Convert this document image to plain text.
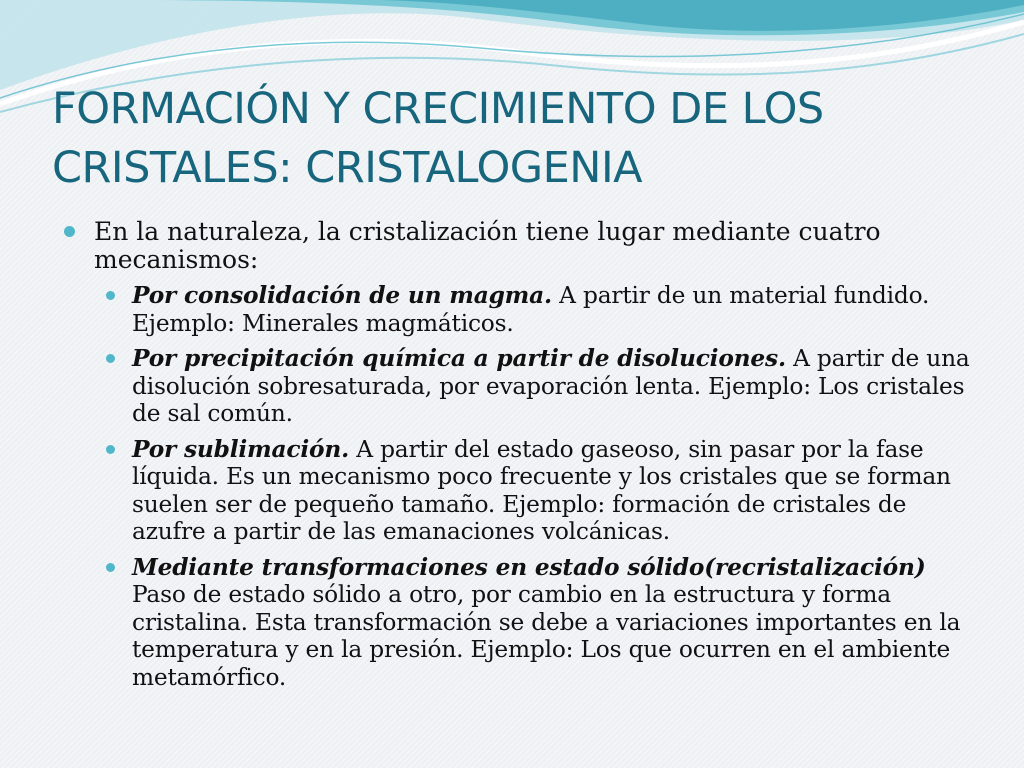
FORMACIÓN Y CRECIMIENTO DE LOS CRISTALES: CRISTALOGENIA

En la naturaleza, la cristalización tiene lugar mediante cuatro mecanismos:

Por consolidación de un magma. A partir de un material fundido. Ejemplo: Minerales magmáticos.
Por precipitación química a partir de disoluciones. A partir de una disolución sobresaturada, por evaporación lenta. Ejemplo: Los cristales de sal común.
Por sublimación. A partir del estado gaseoso, sin pasar por la fase líquida. Es un mecanismo poco frecuente y los cristales que se forman suelen ser de pequeño tamaño. Ejemplo: formación de cristales de azufre a partir de las emanaciones volcánicas.
Mediante transformaciones en estado sólido(recristalización) Paso de estado sólido a otro, por cambio en la estructura y forma cristalina. Esta transformación se debe a variaciones importantes en la temperatura y en la presión. Ejemplo: Los que ocurren en el ambiente metamórfico.
